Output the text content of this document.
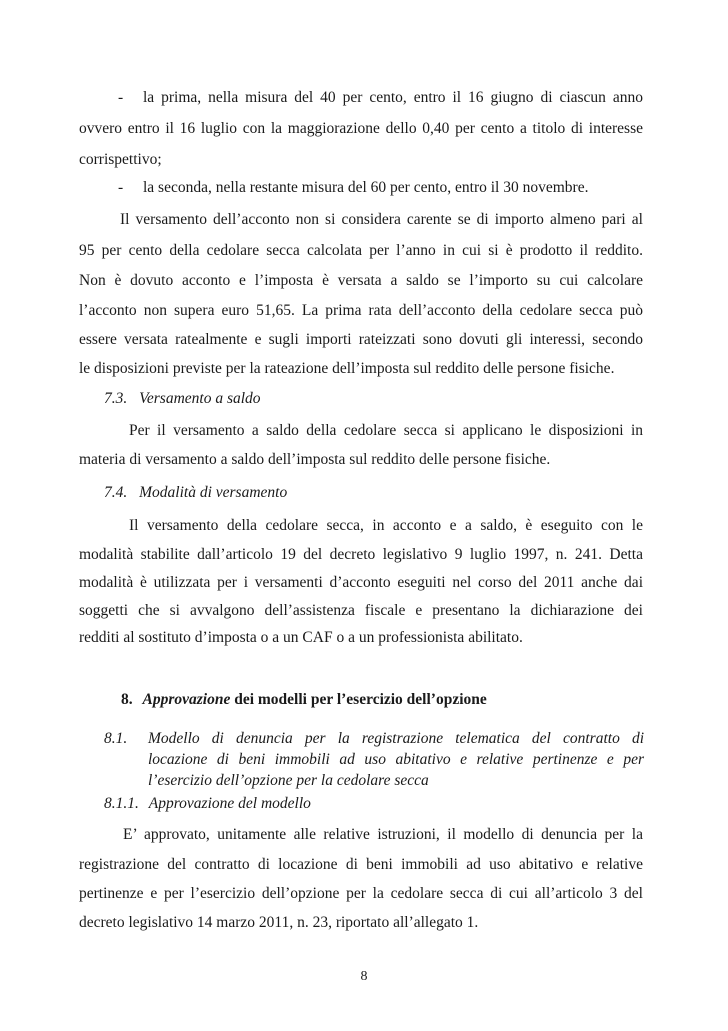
- la prima, nella misura del 40 per cento, entro il 16 giugno di ciascun anno
ovvero entro il 16 luglio con la maggiorazione dello 0,40 per cento a titolo di interesse
corrispettivo;
- la seconda, nella restante misura del 60 per cento, entro il 30 novembre.
Il versamento dell’acconto non si considera carente se di importo almeno pari al
95 per cento della cedolare secca calcolata per l’anno in cui si è prodotto il reddito.
Non è dovuto acconto e l’imposta è versata a saldo se l’importo su cui calcolare
l’acconto non supera euro 51,65. La prima rata dell’acconto della cedolare secca può
essere versata ratealmente e sugli importi rateizzati sono dovuti gli interessi, secondo
le disposizioni previste per la rateazione dell’imposta sul reddito delle persone fisiche.
7.3. Versamento a saldo
Per il versamento a saldo della cedolare secca si applicano le disposizioni in
materia di versamento a saldo dell’imposta sul reddito delle persone fisiche.
7.4. Modalità di versamento
Il versamento della cedolare secca, in acconto e a saldo, è eseguito con le
modalità stabilite dall’articolo 19 del decreto legislativo 9 luglio 1997, n. 241. Detta
modalità è utilizzata per i versamenti d’acconto eseguiti nel corso del 2011 anche dai
soggetti che si avvalgono dell’assistenza fiscale e presentano la dichiarazione dei
redditi al sostituto d’imposta o a un CAF o a un professionista abilitato.
8. Approvazione dei modelli per l’esercizio dell’opzione
8.1. Modello di denuncia per la registrazione telematica del contratto di
locazione di beni immobili ad uso abitativo e relative pertinenze e per
l’esercizio dell’opzione per la cedolare secca
8.1.1. Approvazione del modello
E’ approvato, unitamente alle relative istruzioni, il modello di denuncia per la
registrazione del contratto di locazione di beni immobili ad uso abitativo e relative
pertinenze e per l’esercizio dell’opzione per la cedolare secca di cui all’articolo 3 del
decreto legislativo 14 marzo 2011, n. 23, riportato all’allegato 1.
8
